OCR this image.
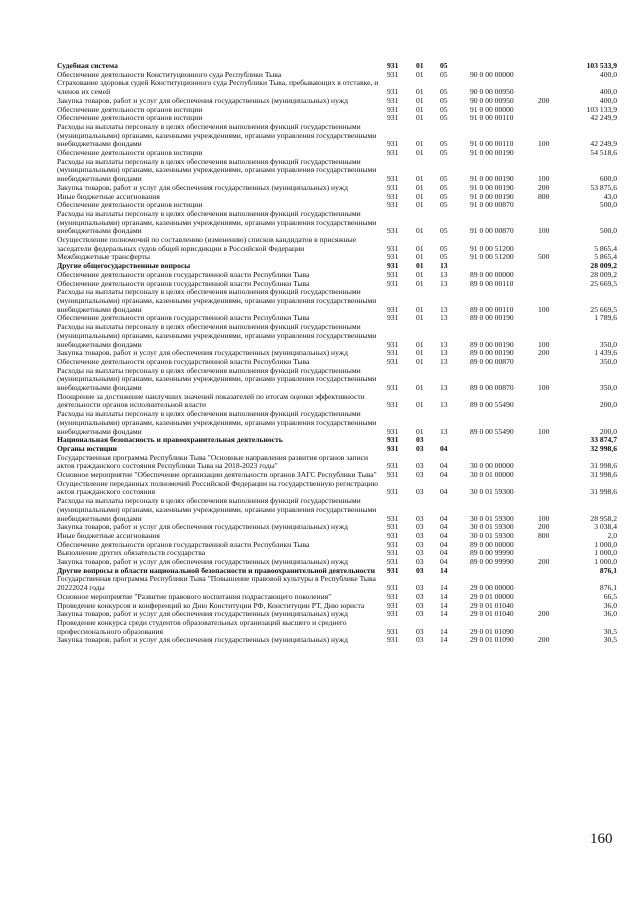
Судебная система	931 01 05	103 533,9
Обеспечение деятельности Конституционного суда Республики Тыва	931 01 05	90 0 00 00000	400,0
Страхование здоровья судей Конституционного суда Республики Тыва, пребывающих в отставке, и членов их семей	931 01 05	90 0 00 00950	400,0
Закупка товаров, работ и услуг для обеспечения государственных (муниципальных) нужд	931 01 05	90 0 00 00950	200	400,0
Обеспечение деятельности органов юстиции	931 01 05	91 0 00 00000	103 133,9
Обеспечение деятельности органов юстиции	931 01 05	91 0 00 00110	42 249,9
Расходы на выплаты персоналу в целях обеспечения выполнения функций государственными (муниципальными) органами, казенными учреждениями, органами управления государственными внебюджетными фондами	931 01 05	91 0 00 00110	100	42 249,9
Обеспечение деятельности органов юстиции	931 01 05	91 0 00 00190	54 518,6
Расходы на выплаты персоналу в целях обеспечения выполнения функций государственными (муниципальными) органами, казенными учреждениями, органами управления государственными внебюджетными фондами	931 01 05	91 0 00 00190	100	600,0
Закупка товаров, работ и услуг для обеспечения государственных (муниципальных) нужд	931 01 05	91 0 00 00190	200	53 875,6
Иные бюджетные ассигнования	931 01 05	91 0 00 00190	800	43,0
Обеспечение деятельности органов юстиции	931 01 05	91 0 00 00870	500,0
Расходы на выплаты персоналу в целях обеспечения выполнения функций государственными (муниципальными) органами, казенными учреждениями, органами управления государственными внебюджетными фондами	931 01 05	91 0 00 00870	100	500,0
Осуществление полномочий по составлению (изменению) списков кандидатов в присяжные заседатели федеральных судов общей юрисдикции в Российской Федерации	931 01 05	91 0 00 51200	5 865,4
Межбюджетные трансферты	931 01 05	91 0 00 51200	500	5 865,4
Другие общегосударственные вопросы	931 01 13	28 009,2
Обеспечение деятельности органов государственной власти Республики Тыва	931 01 13	89 0 00 00000	28 009,2
Обеспечение деятельности органов государственной власти Республики Тыва	931 01 13	89 0 00 00110	25 669,5
Расходы на выплаты персоналу в целях обеспечения выполнения функций государственными (муниципальными) органами, казенными учреждениями, органами управления государственными внебюджетными фондами	931 01 13	89 0 00 00110	100	25 669,5
Обеспечение деятельности органов государственной власти Республики Тыва	931 01 13	89 0 00 00190	1 789,6
Расходы на выплаты персоналу в целях обеспечения выполнения функций государственными (муниципальными) органами, казенными учреждениями, органами управления государственными внебюджетными фондами	931 01 13	89 0 00 00190	100	350,0
Закупка товаров, работ и услуг для обеспечения государственных (муниципальных) нужд	931 01 13	89 0 00 00190	200	1 439,6
Обеспечение деятельности органов государственной власти Республики Тыва	931 01 13	89 0 00 00870	350,0
Расходы на выплаты персоналу в целях обеспечения выполнения функций государственными (муниципальными) органами, казенными учреждениями, органами управления государственными внебюджетными фондами	931 01 13	89 0 00 00870	100	350,0
Поощрение за достижение наилучших значений показателей по итогам оценки эффективности деятельности органов исполнительной власти	931 01 13	89 0 00 55490	200,0
Расходы на выплаты персоналу в целях обеспечения выполнения функций государственными (муниципальными) органами, казенными учреждениями, органами управления государственными внебюджетными фондами	931 01 13	89 0 00 55490	100	200,0
Национальная безопасность и правоохранительная деятельность	931 03	33 874,7
Органы юстиции	931 03 04	32 998,6
Государственная программа Республики Тыва "Основные направления развития органов записи актов гражданского состояния Республики Тыва на 2018-2023 годы"	931 03 04	30 0 00 00000	31 998,6
Основное мероприятие "Обеспечение организации деятельности органов ЗАГС Республики Тыва"	931 03 04	30 0 01 00000	31 998,6
Осуществление переданных полномочий Российской Федерации на государственную регистрацию актов гражданского состояния	931 03 04	30 0 01 59300	31 998,6
Расходы на выплаты персоналу в целях обеспечения выполнения функций государственными (муниципальными) органами, казенными учреждениями, органами управления государственными внебюджетными фондами	931 03 04	30 0 01 59300	100	28 958,2
Закупка товаров, работ и услуг для обеспечения государственных (муниципальных) нужд	931 03 04	30 0 01 59300	200	3 038,4
Иные бюджетные ассигнования	931 03 04	30 0 01 59300	800	2,0
Обеспечение деятельности органов государственной власти Республики Тыва	931 03 04	89 0 00 00000	1 000,0
Выполнение других обязательств государства	931 03 04	89 0 00 99990	1 000,0
Закупка товаров, работ и услуг для обеспечения государственных (муниципальных) нужд	931 03 04	89 0 00 99990	200	1 000,0
Другие вопросы в области национальной безопасности и правоохранительной деятельности	931 03 14	876,1
Государственная программа Республики Тыва "Повышение правовой культуры в Республике Тыва 20222024 годы	931 03 14	29 0 00 00000	876,1
Основное мероприятие "Развитие правового воспитания подрастающего поколения"	931 03 14	29 0 01 00000	66,5
Проведение конкурсов и конференций ко Дню Конституции РФ, Конституции РТ, Дню юриста	931 03 14	29 0 01 01040	36,0
Закупка товаров, работ и услуг для обеспечения государственных (муниципальных) нужд	931 03 14	29 0 01 01040	200	36,0
Проведение конкурса среди студентов образовательных организаций высшего и среднего профессионального образования	931 03 14	29 0 01 01090	30,5
Закупка товаров, работ и услуг для обеспечения государственных (муниципальных) нужд	931 03 14	29 0 01 01090	200	30,5
160
